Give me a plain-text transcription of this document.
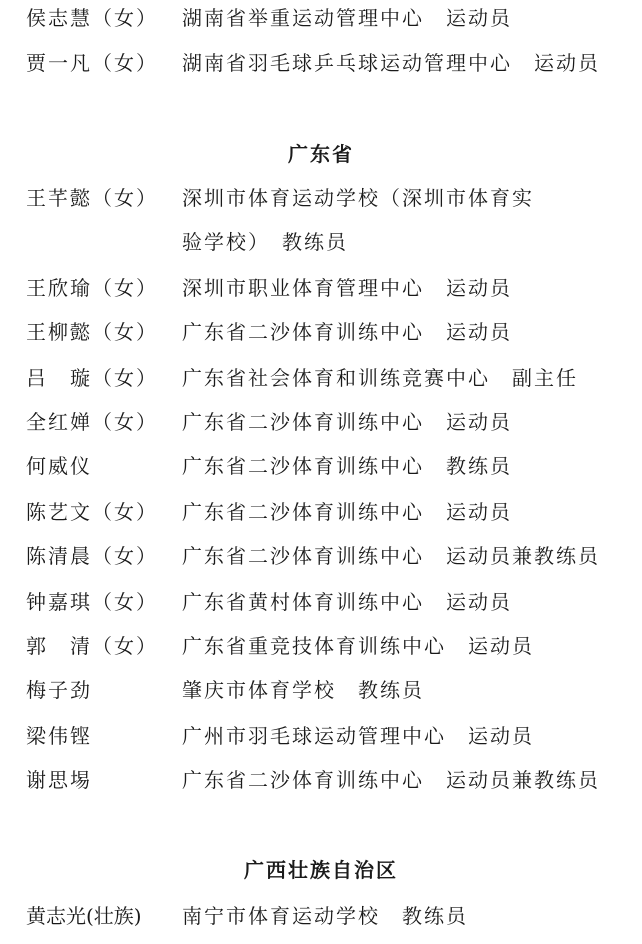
侯志慧（女） 湖南省举重运动管理中心　运动员
贾一凡（女） 湖南省羽毛球乒乓球运动管理中心　运动员
广东省
王芊懿（女） 深圳市体育运动学校（深圳市体育实
验学校）　教练员
王欣瑜（女） 深圳市职业体育管理中心　运动员
王柳懿（女） 广东省二沙体育训练中心　运动员
吕　璇（女） 广东省社会体育和训练竞赛中心　副主任
全红婵（女） 广东省二沙体育训练中心　运动员
何威仪	广东省二沙体育训练中心　教练员
陈艺文（女） 广东省二沙体育训练中心　运动员
陈清晨（女） 广东省二沙体育训练中心　运动员兼教练员
钟嘉琪（女） 广东省黄村体育训练中心　运动员
郭　清（女） 广东省重竞技体育训练中心　运动员
梅子劲	肇庆市体育学校　教练员
梁伟铿	广州市羽毛球运动管理中心　运动员
谢思埸	广东省二沙体育训练中心　运动员兼教练员
广西壮族自治区
黄志光(壮族) 南宁市体育运动学校　教练员
